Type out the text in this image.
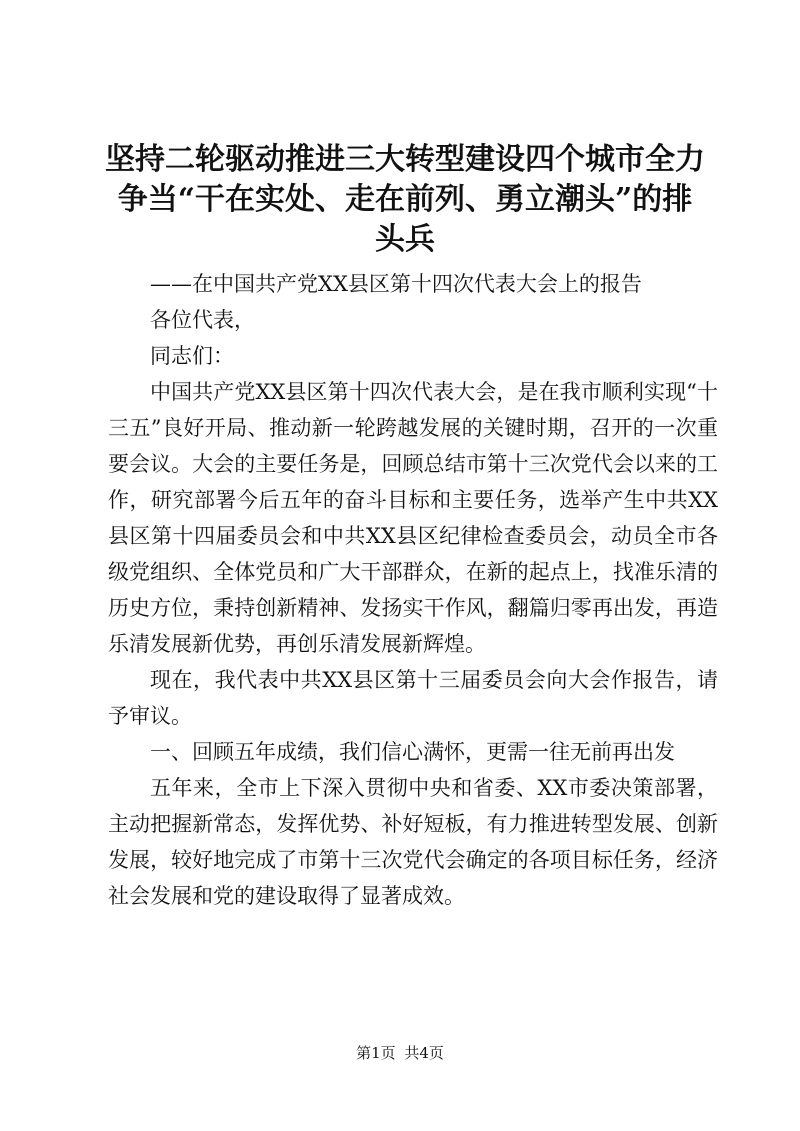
坚持二轮驱动推进三大转型建设四个城市全力争当“干在实处、走在前列、勇立潮头”的排头兵

——在中国共产党XX县区第十四次代表大会上的报告

各位代表，

同志们：

中国共产党XX县区第十四次代表大会，是在我市顺利实现“十三五”良好开局、推动新一轮跨越发展的关键时期，召开的一次重要会议。大会的主要任务是，回顾总结市第十三次党代会以来的工作，研究部署今后五年的奋斗目标和主要任务，选举产生中共XX县区第十四届委员会和中共XX县区纪律检查委员会，动员全市各级党组织、全体党员和广大干部群众，在新的起点上，找准乐清的历史方位，秉持创新精神、发扬实干作风，翻篇归零再出发，再造乐清发展新优势，再创乐清发展新辉煌。

现在，我代表中共XX县区第十三届委员会向大会作报告，请予审议。

一、回顾五年成绩，我们信心满怀，更需一往无前再出发

五年来，全市上下深入贯彻中央和省委、XX市委决策部署，主动把握新常态，发挥优势、补好短板，有力推进转型发展、创新发展，较好地完成了市第十三次党代会确定的各项目标任务，经济社会发展和党的建设取得了显著成效。

第1页 共4页
